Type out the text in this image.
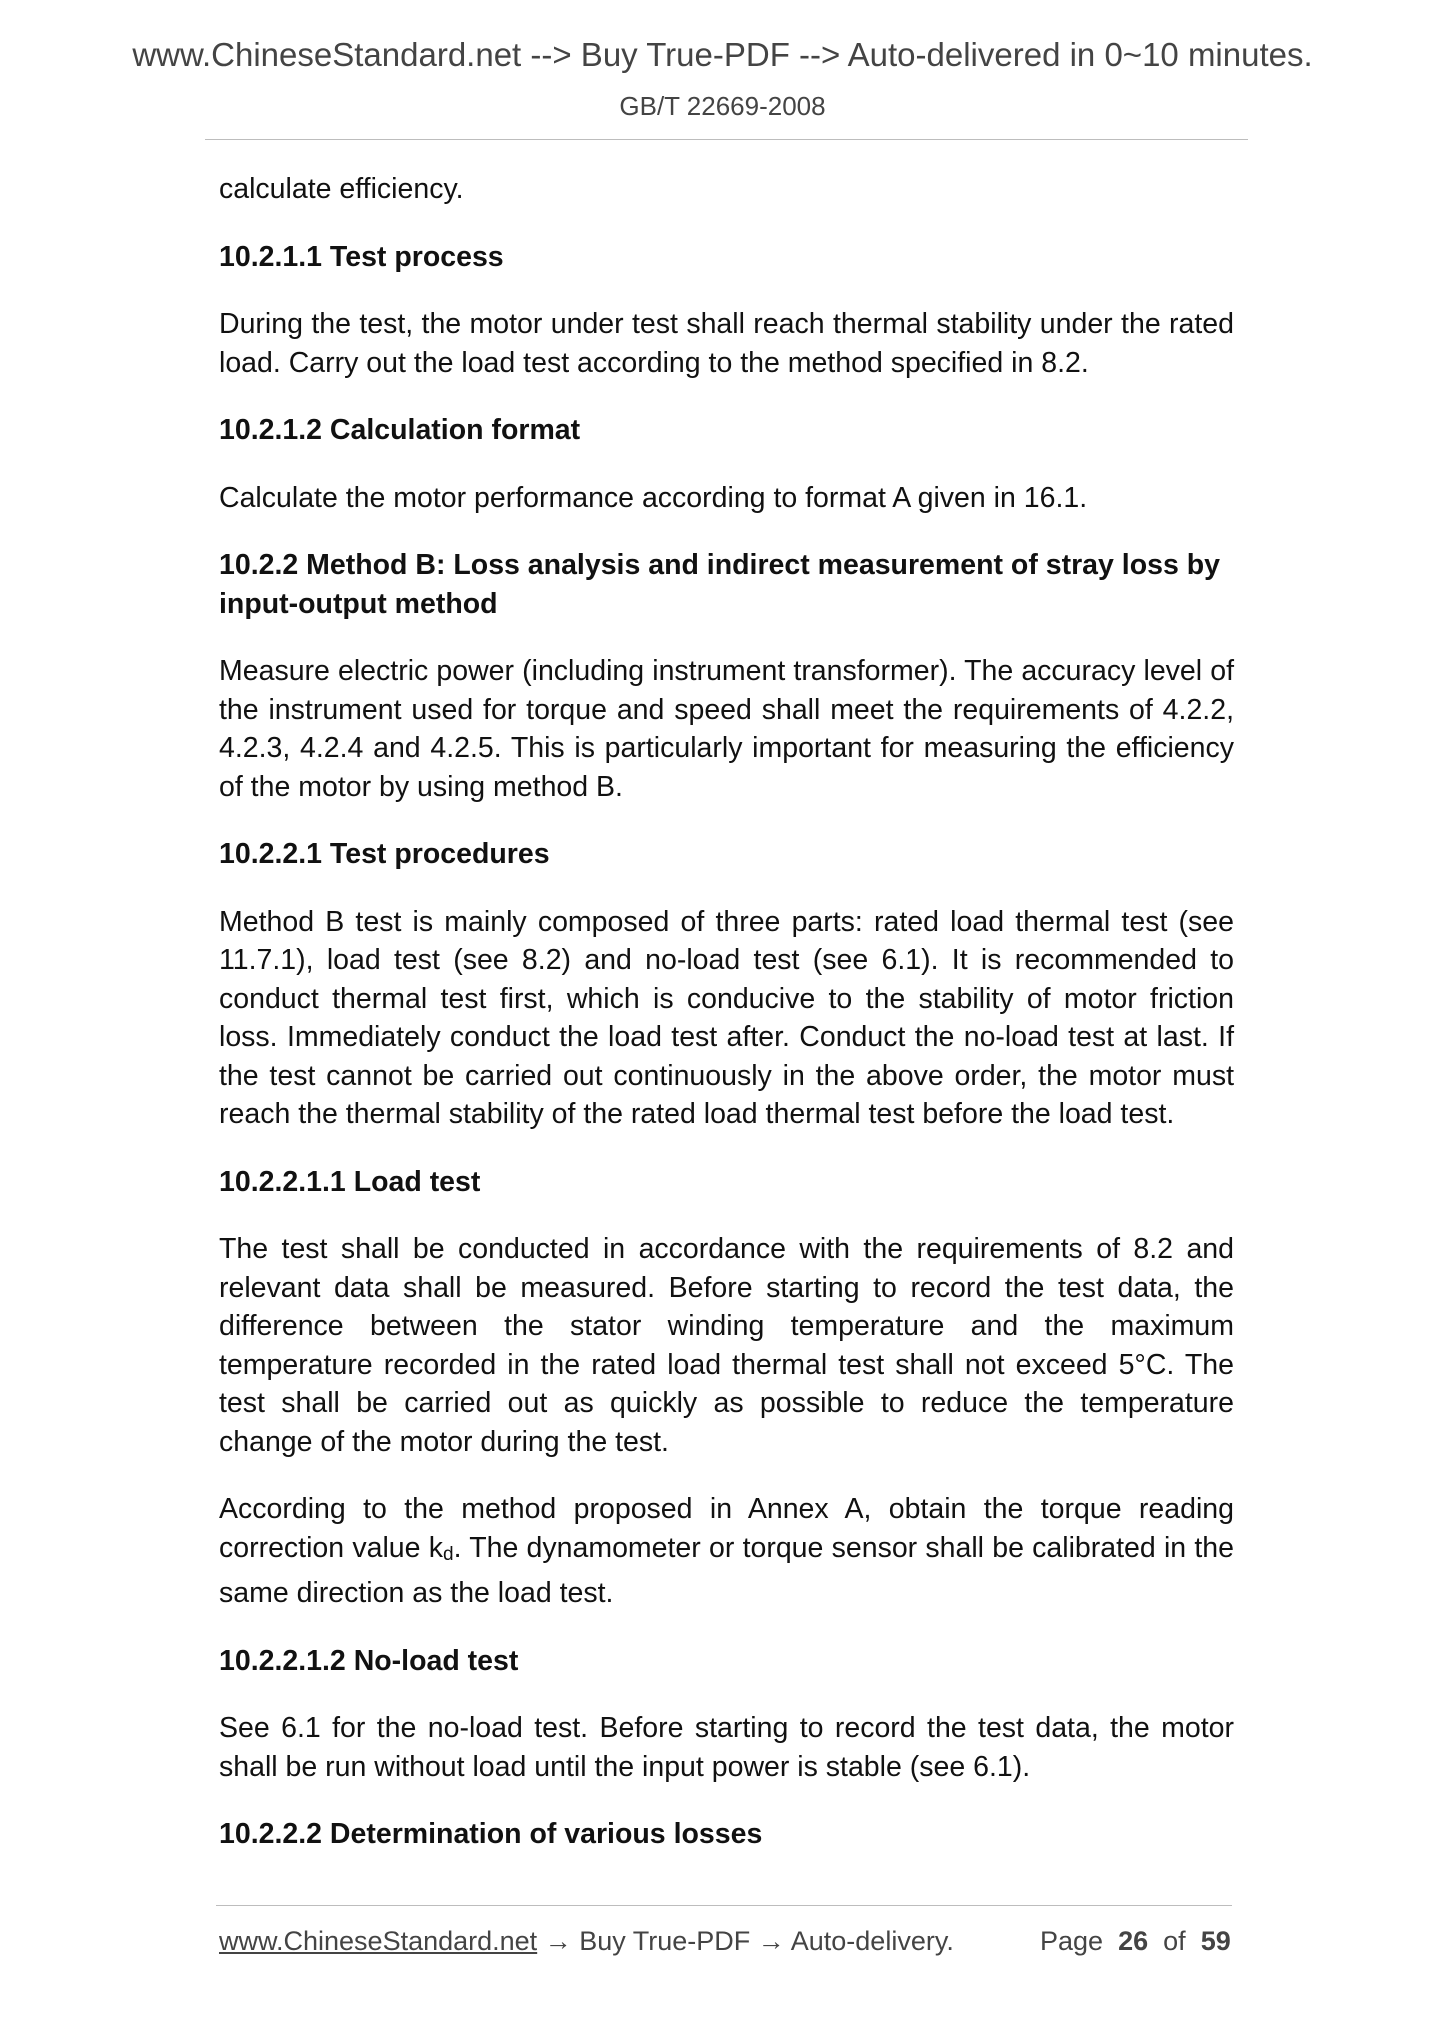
www.ChineseStandard.net --> Buy True-PDF --> Auto-delivered in 0~10 minutes.
GB/T 22669-2008

calculate efficiency.

10.2.1.1 Test process

During the test, the motor under test shall reach thermal stability under the rated load. Carry out the load test according to the method specified in 8.2.

10.2.1.2 Calculation format

Calculate the motor performance according to format A given in 16.1.

10.2.2 Method B: Loss analysis and indirect measurement of stray loss by input-output method

Measure electric power (including instrument transformer). The accuracy level of the instrument used for torque and speed shall meet the requirements of 4.2.2, 4.2.3, 4.2.4 and 4.2.5. This is particularly important for measuring the efficiency of the motor by using method B.

10.2.2.1 Test procedures

Method B test is mainly composed of three parts: rated load thermal test (see 11.7.1), load test (see 8.2) and no-load test (see 6.1). It is recommended to conduct thermal test first, which is conducive to the stability of motor friction loss. Immediately conduct the load test after. Conduct the no-load test at last. If the test cannot be carried out continuously in the above order, the motor must reach the thermal stability of the rated load thermal test before the load test.

10.2.2.1.1 Load test

The test shall be conducted in accordance with the requirements of 8.2 and relevant data shall be measured. Before starting to record the test data, the difference between the stator winding temperature and the maximum temperature recorded in the rated load thermal test shall not exceed 5°C. The test shall be carried out as quickly as possible to reduce the temperature change of the motor during the test.

According to the method proposed in Annex A, obtain the torque reading correction value $k_d$. The dynamometer or torque sensor shall be calibrated in the same direction as the load test.

10.2.2.1.2 No-load test

See 6.1 for the no-load test. Before starting to record the test data, the motor shall be run without load until the input power is stable (see 6.1).

10.2.2.2 Determination of various losses
www.ChineseStandard.net → Buy True-PDF → Auto-delivery.	Page 26 of 59
